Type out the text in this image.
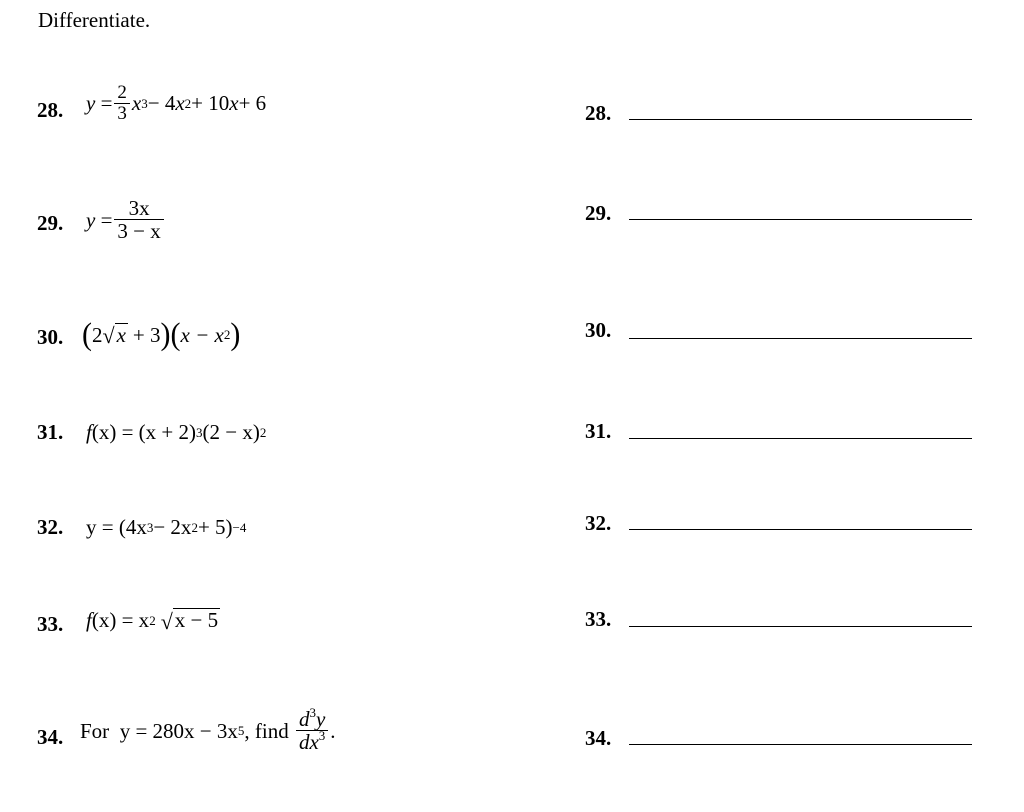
Differentiate.
28. $y = \frac{2}{3}$ x 3 − 4 x 2 + 10 x + 6	28.
29. $y = \frac{3x}{3 - x}$	29.
30. ( 2 √ x + 3 ) ( x − x 2 )	30.
31. f (x) = (x + 2) 3 (2 − x) 2	31.
32. y = (4x 3 − 2x 2 + 5) −4	32.
33. f (x) = x 2 √ x − 5	33.
34. For
y = 280x − 3x 5 , find
$\frac{d^3y}{dx^3}$ .	34.
